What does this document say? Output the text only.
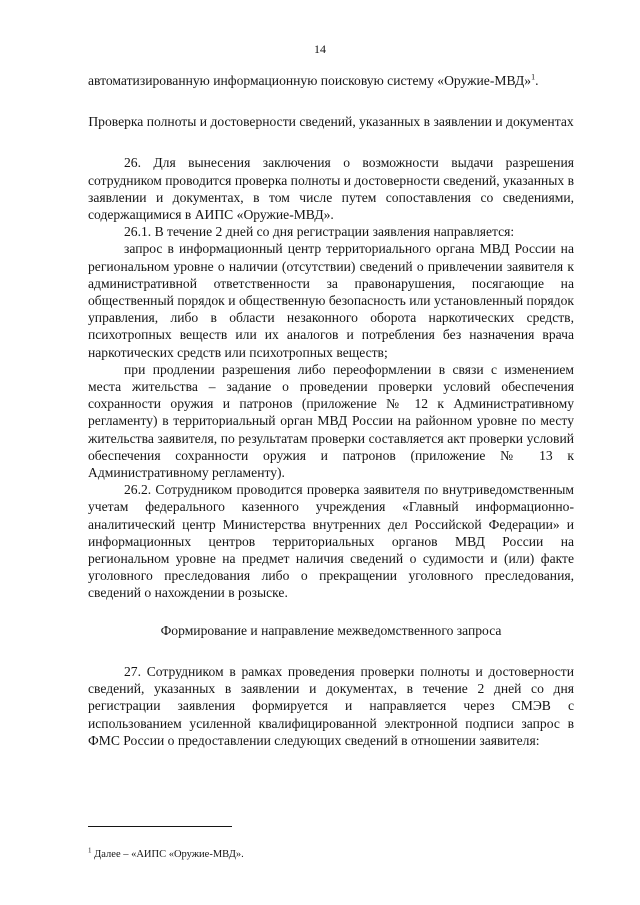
14

автоматизированную информационную поисковую систему «Оружие-МВД»$^1$.

Проверка полноты и достоверности сведений, указанных в заявлении и документах

26. Для вынесения заключения о возможности выдачи разрешения сотрудником проводится проверка полноты и достоверности сведений, указанных в заявлении и документах, в том числе путем сопоставления со сведениями, содержащимися в АИПС «Оружие-МВД».

26.1. В течение 2 дней со дня регистрации заявления направляется:

запрос в информационный центр территориального органа МВД России на региональном уровне о наличии (отсутствии) сведений о привлечении заявителя к административной ответственности за правонарушения, посягающие на общественный порядок и общественную безопасность или установленный порядок управления, либо в области незаконного оборота наркотических средств, психотропных веществ или их аналогов и потребления без назначения врача наркотических средств или психотропных веществ;

при продлении разрешения либо переоформлении в связи с изменением места жительства – задание о проведении проверки условий обеспечения сохранности оружия и патронов (приложение № 12 к Административному регламенту) в территориальный орган МВД России на районном уровне по месту жительства заявителя, по результатам проверки составляется акт проверки условий обеспечения сохранности оружия и патронов (приложение № 13 к Административному регламенту).

26.2. Сотрудником проводится проверка заявителя по внутриведомственным учетам федерального казенного учреждения «Главный информационно-аналитический центр Министерства внутренних дел Российской Федерации» и информационных центров территориальных органов МВД России на региональном уровне на предмет наличия сведений о судимости и (или) факте уголовного преследования либо о прекращении уголовного преследования, сведений о нахождении в розыске.

Формирование и направление межведомственного запроса

27. Сотрудником в рамках проведения проверки полноты и достоверности сведений, указанных в заявлении и документах, в течение 2 дней со дня регистрации заявления формируется и направляется через СМЭВ с использованием усиленной квалифицированной электронной подписи запрос в ФМС России о предоставлении следующих сведений в отношении заявителя:

$^1$ Далее – «АИПС «Оружие-МВД».
